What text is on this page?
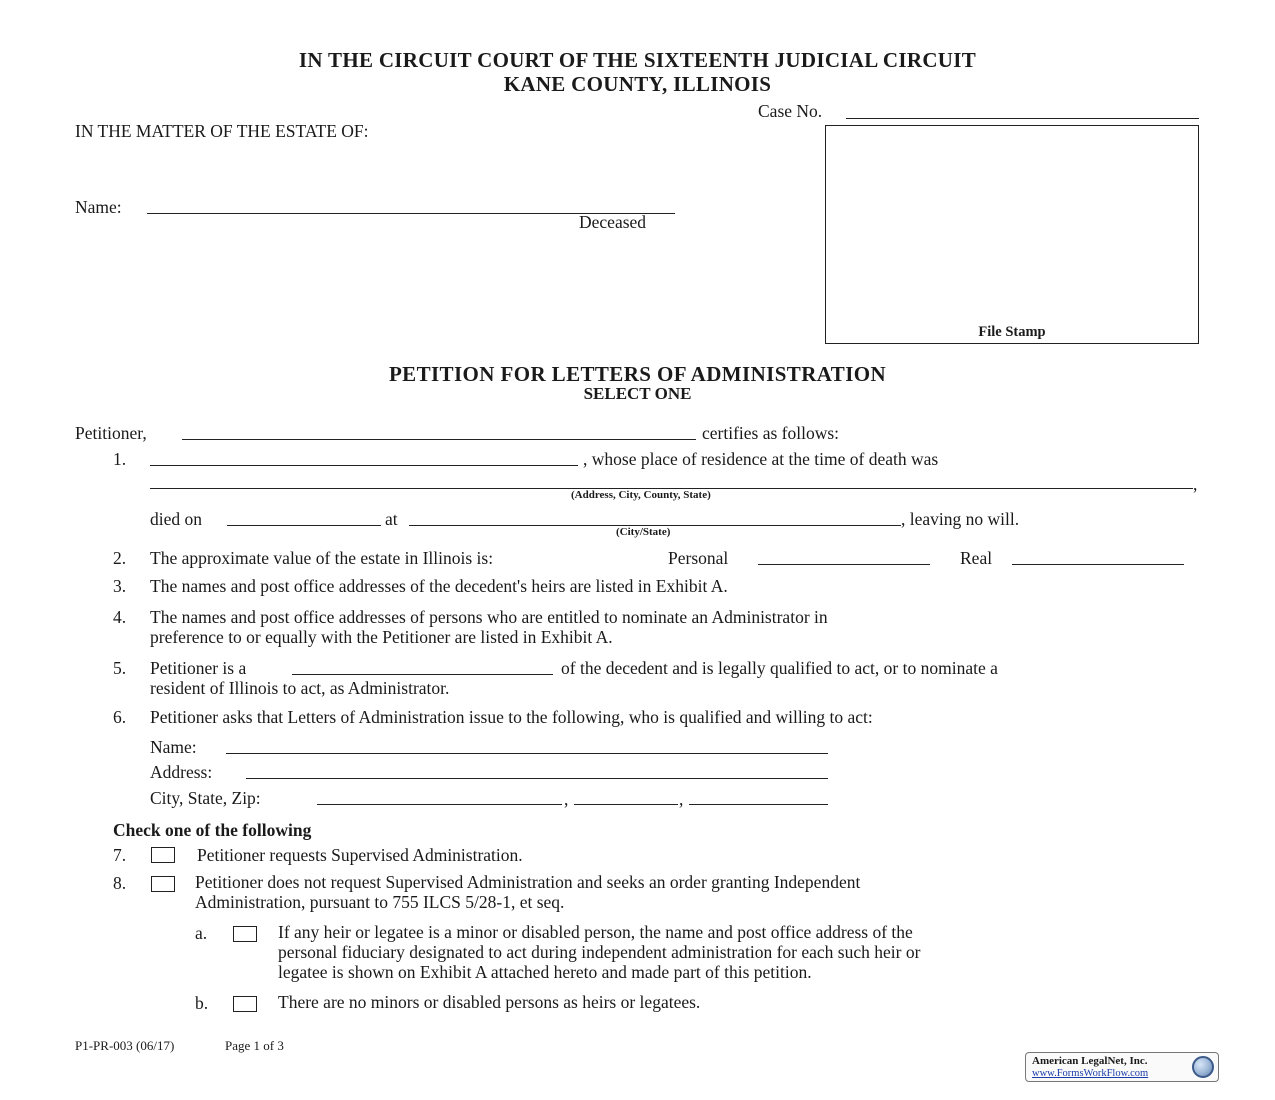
IN THE CIRCUIT COURT OF THE SIXTEENTH JUDICIAL CIRCUIT
KANE COUNTY, ILLINOIS
Case No.
IN THE MATTER OF THE ESTATE OF:
Name:
Deceased
File Stamp
PETITION FOR LETTERS OF ADMINISTRATION
SELECT ONE
Petitioner,	certifies as follows:
1.	, whose place of residence at the time of death was
,
(Address, City, County, State)
died on	at
(City/State)
, leaving no will.
2. The approximate value of the estate in Illinois is:	Personal	Real
3. The names and post office addresses of the decedent's heirs are listed in Exhibit A.
4. The names and post office addresses of persons who are entitled to nominate an Administrator in
preference to or equally with the Petitioner are listed in Exhibit A.
5. Petitioner is a	of the decedent and is legally qualified to act, or to nominate a
resident of Illinois to act, as Administrator.
6. Petitioner asks that Letters of Administration issue to the following, who is qualified and willing to act:
Name:
Address:
City, State, Zip:	,	,
Check one of the following
7.	Petitioner requests Supervised Administration.
8.	Petitioner does not request Supervised Administration and seeks an order granting Independent
Administration, pursuant to 755 ILCS 5/28-1, et seq.
a.	If any heir or legatee is a minor or disabled person, the name and post office address of the
personal fiduciary designated to act during independent administration for each such heir or
legatee is shown on Exhibit A attached hereto and made part of this petition.
b.	There are no minors or disabled persons as heirs or legatees.
P1-PR-003 (06/17)	Page 1 of 3
American LegalNet, Inc.
www.FormsWorkFlow.com
